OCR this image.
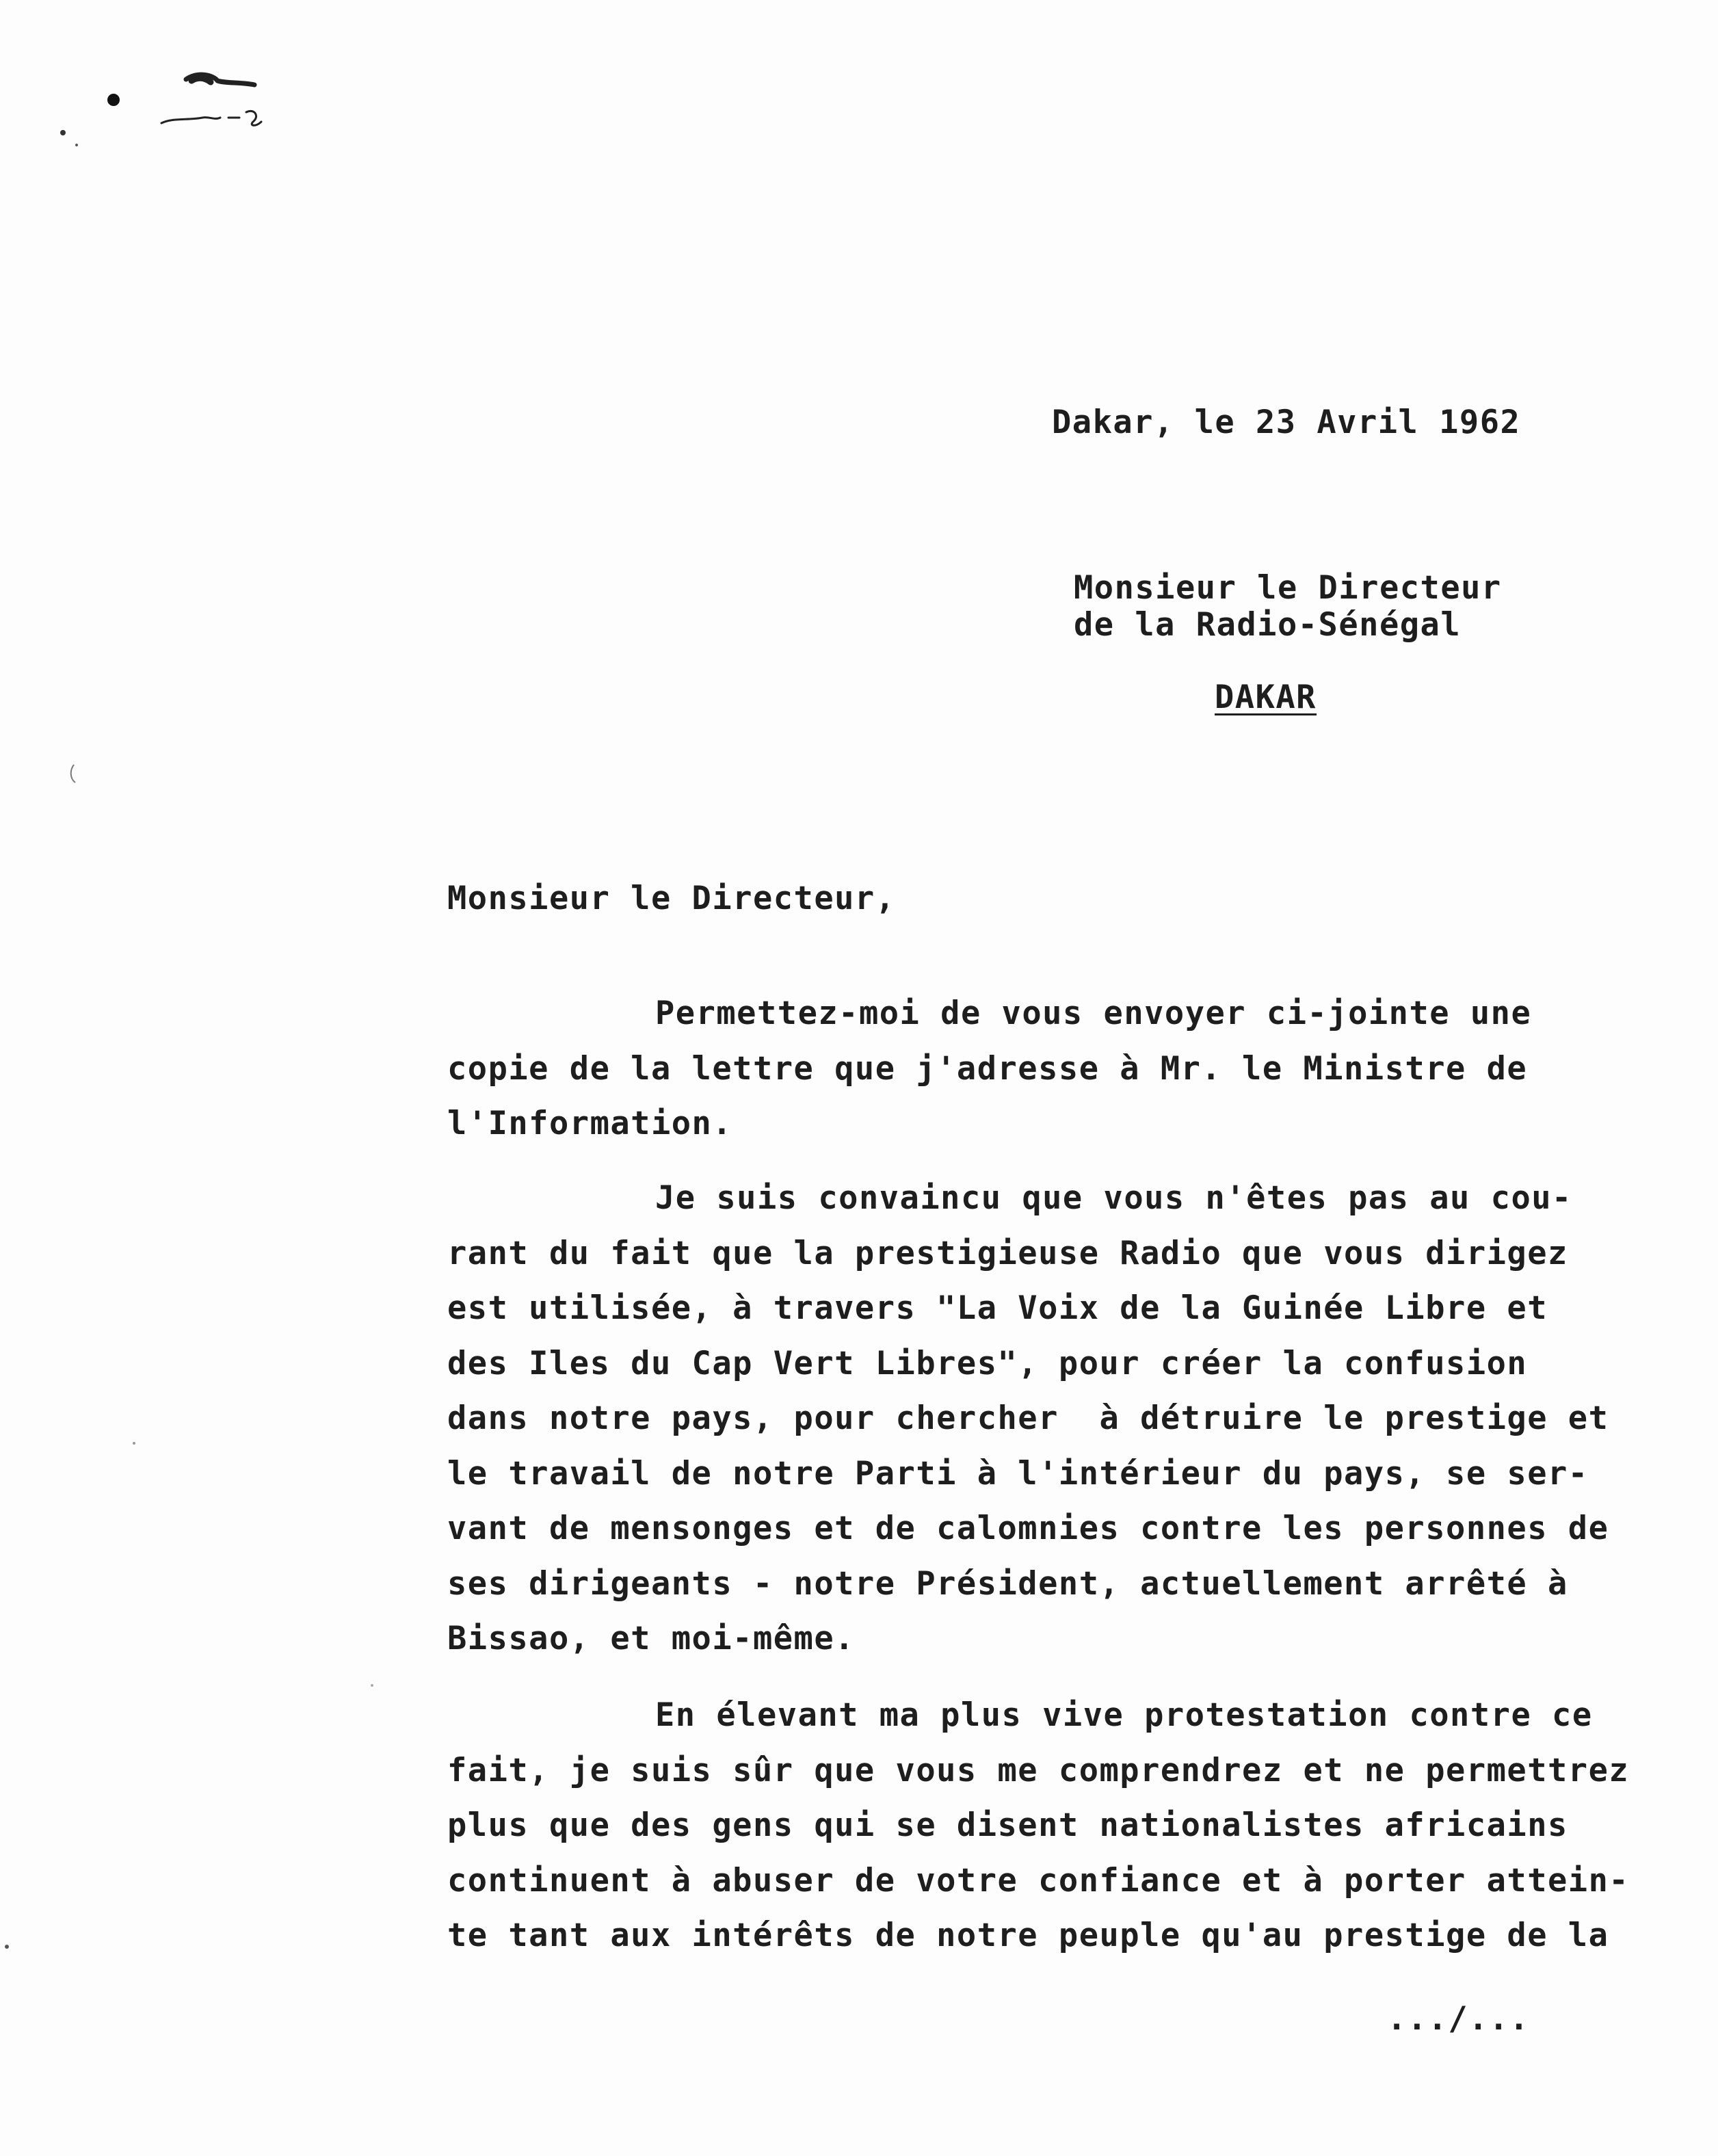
Dakar, le 23 Avril 1962
Monsieur le Directeur
de la Radio-Sénégal
DAKAR
Monsieur le Directeur,
Permettez-moi de vous envoyer ci-jointe une
copie de la lettre que j'adresse à Mr. le Ministre de
l'Information.
Je suis convaincu que vous n'êtes pas au cou-
rant du fait que la prestigieuse Radio que vous dirigez
est utilisée, à travers "La Voix de la Guinée Libre et
des Iles du Cap Vert Libres", pour créer la confusion
dans notre pays, pour chercher  à détruire le prestige et
le travail de notre Parti à l'intérieur du pays, se ser-
vant de mensonges et de calomnies contre les personnes de
ses dirigeants - notre Président, actuellement arrêté à
Bissao, et moi-même.
En élevant ma plus vive protestation contre ce
fait, je suis sûr que vous me comprendrez et ne permettrez
plus que des gens qui se disent nationalistes africains
continuent à abuser de votre confiance et à porter attein-
te tant aux intérêts de notre peuple qu'au prestige de la
.../...
